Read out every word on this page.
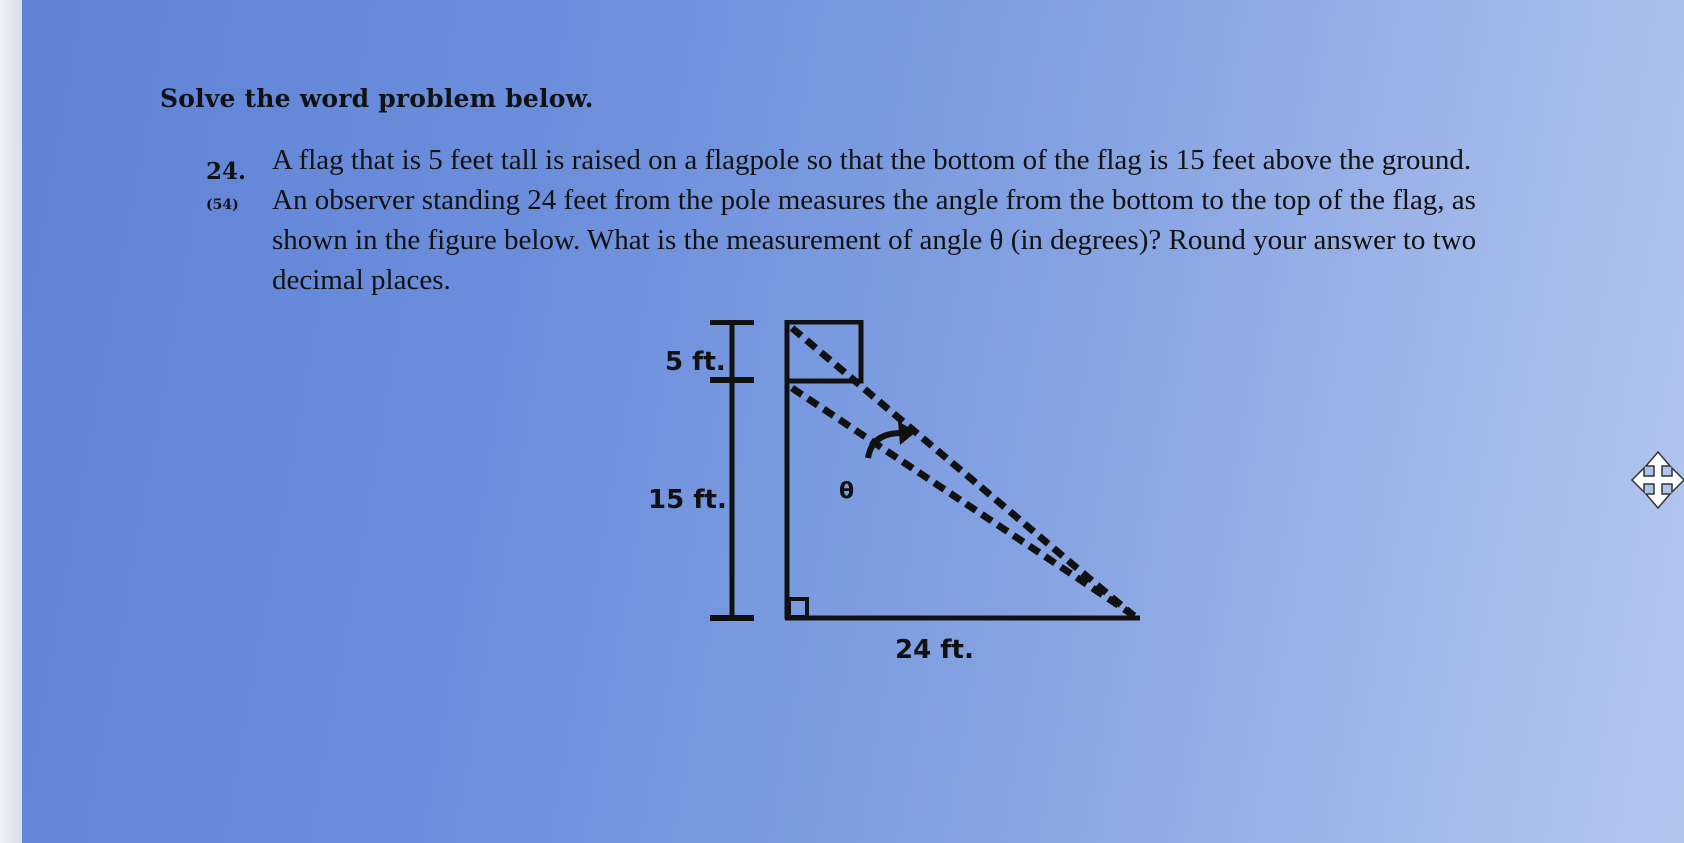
Solve the word problem below.
24.
(54)

A flag that is 5 feet tall is raised on a flagpole so that the bottom of the flag is 15 feet above the ground.
An observer standing 24 feet from the pole measures the angle from the bottom to the top of the flag, as
shown in the figure below. What is the measurement of angle θ (in degrees)? Round your answer to two
decimal places.

5 ft.
15 ft.	θ
24 ft.
